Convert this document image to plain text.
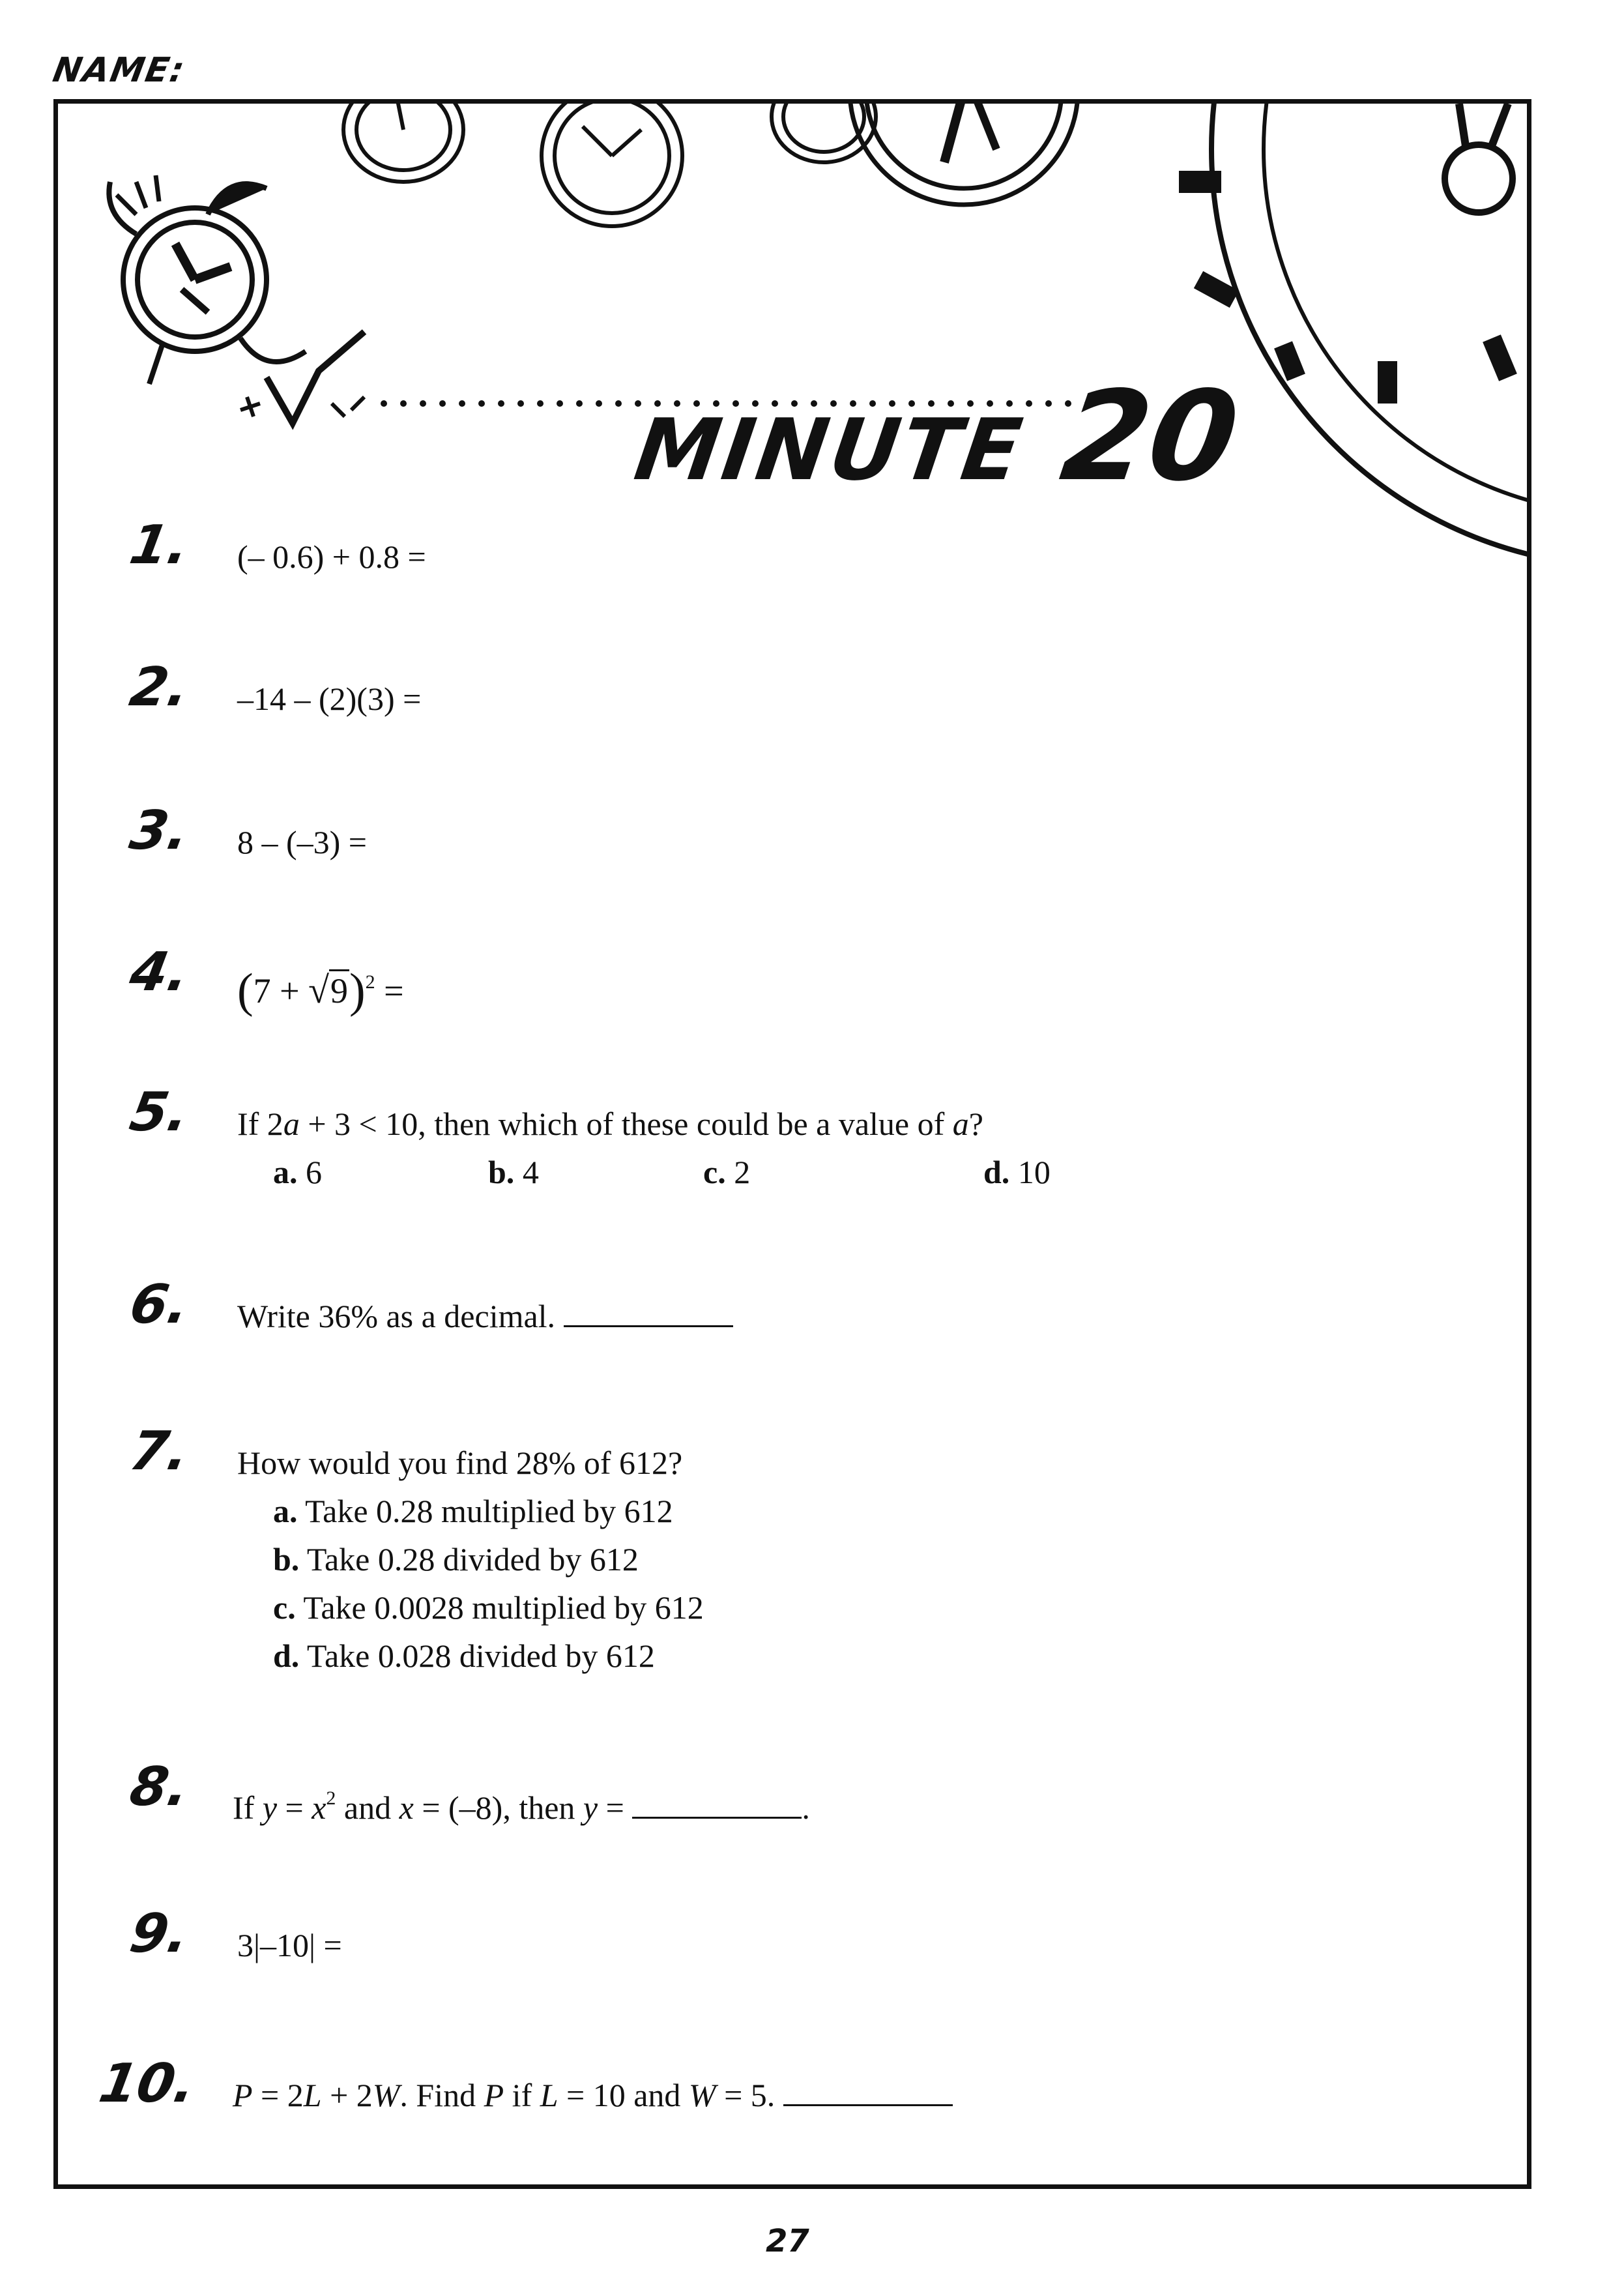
NAME:
MINUTE 20
1. (– 0.6) + 0.8 =
2. –14 – (2)(3) =
3. 8 – (–3) =
4. $(7 + √9)^2$ =
5. If 2a + 3 < 10, then which of these could be a value of a?
a. 6	b. 4	c. 2	d. 10
6. Write 36% as a decimal.
7. How would you find 28% of 612?
a. Take 0.28 multiplied by 612
b. Take 0.28 divided by 612
c. Take 0.0028 multiplied by 612
d. Take 0.028 divided by 612
8. If $y = x^2$ and x = (–8), then y =	.
9. 3|–10| =
10. P = 2L + 2W. Find P if L = 10 and W = 5.
27
